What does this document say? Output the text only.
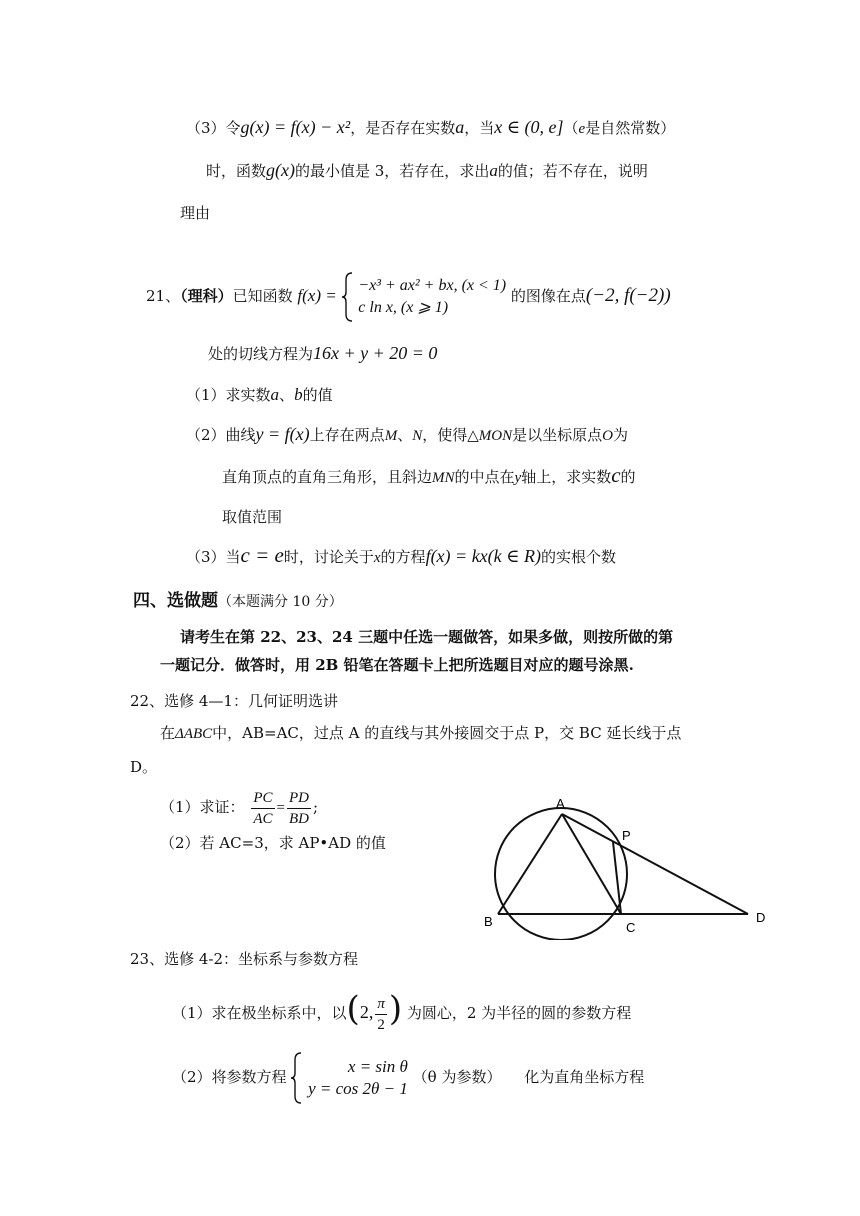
（3）令g(x) = f(x) − x²，是否存在实数a，当x ∈ (0, e]（e是自然常数）
时，函数g(x)的最小值是 3，若存在，求出a的值；若不存在，说明
理由
21、（理科）已知函数 f(x) =
−x³ + ax² + bx, (x < 1)
c ln x, (x ⩾ 1)
的图像在点(−2, f(−2))
处的切线方程为16x + y + 20 = 0
（1）求实数a、b的值
（2）曲线y = f(x)上存在两点M、N，使得△MON是以坐标原点O为
直角顶点的直角三角形，且斜边MN的中点在y轴上，求实数c的
取值范围
（3）当c = e时，讨论关于x的方程f(x) = kx(k ∈ R)的实根个数
四、选做题（本题满分 10 分）
请考生在第 22、23、24 三题中任选一题做答，如果多做，则按所做的第
一题记分．做答时，用 2B 铅笔在答题卡上把所选题目对应的题号涂黑.
22、选修 4—1：几何证明选讲
在ΔABC中，AB=AC，过点 A 的直线与其外接圆交于点 P，交 BC 延长线于点
D。
（1）求证： $\frac{PC}{AC} = \frac{PD}{BD}$ ;
（2）若 AC=3，求 AP•AD 的值
A
P
B	C
D
23、选修 4-2：坐标系与参数方程
（1）求在极坐标系中，以(2, $\frac{\pi}{2}$ ) 为圆心，2 为半径的圆的参数方程
（2）将参数方程
x = sin θ
y = cos 2θ − 1
（θ 为参数） 化为直角坐标方程
